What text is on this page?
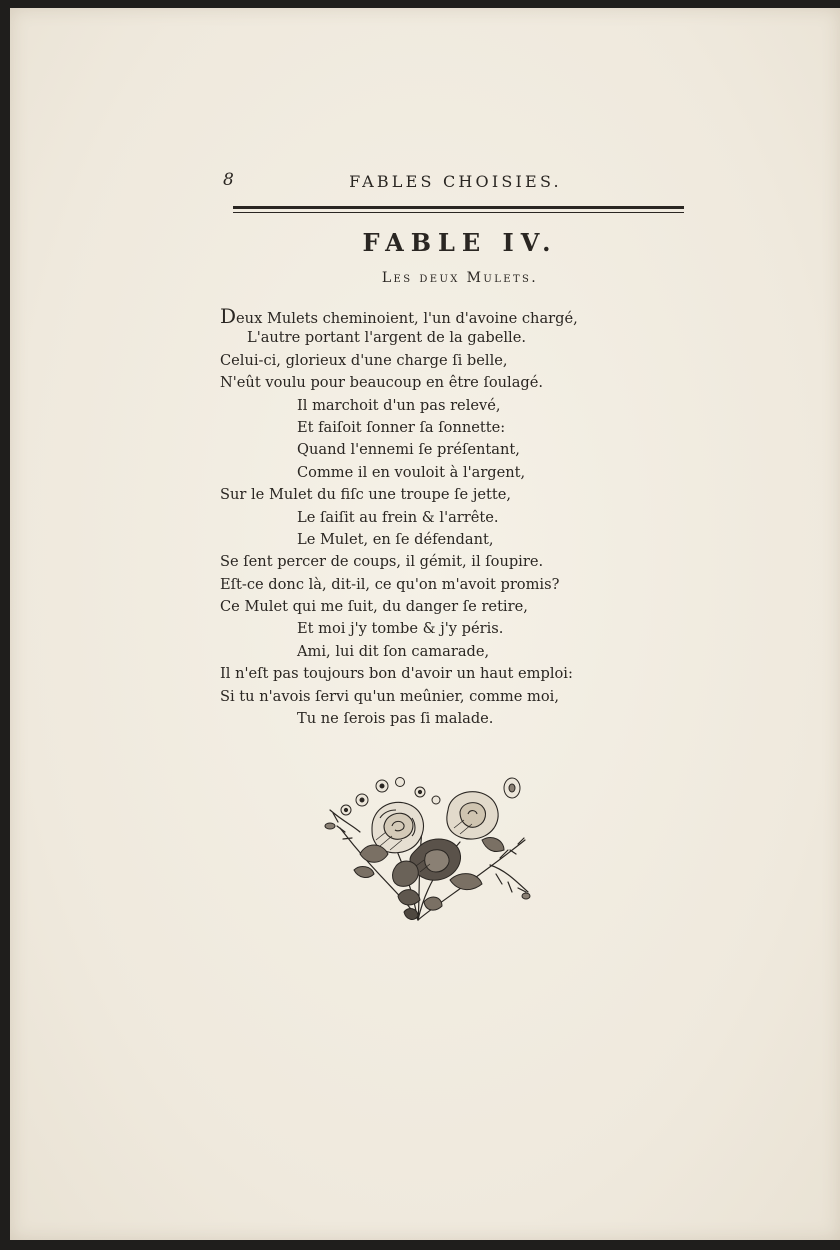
8	FABLES CHOISIES.
FABLE IV.
Les deux Mulets.
Deux Mulets cheminoient, l'un d'avoine chargé,
L'autre portant l'argent de la gabelle.
Celui-ci, glorieux d'une charge ſi belle,
N'eût voulu pour beaucoup en être ſoulagé.
Il marchoit d'un pas relevé,
Et faiſoit ſonner ſa ſonnette:
Quand l'ennemi ſe préſentant,
Comme il en vouloit à l'argent,
Sur le Mulet du fiſc une troupe ſe jette,
Le ſaiſit au frein & l'arrête.
Le Mulet, en ſe défendant,
Se ſent percer de coups, il gémit, il ſoupire.
Eſt-ce donc là, dit-il, ce qu'on m'avoit promis?
Ce Mulet qui me ſuit, du danger ſe retire,
Et moi j'y tombe & j'y péris.
Ami, lui dit ſon camarade,
Il n'eſt pas toujours bon d'avoir un haut emploi:
Si tu n'avois ſervi qu'un meûnier, comme moi,
Tu ne ſerois pas ſi malade.
